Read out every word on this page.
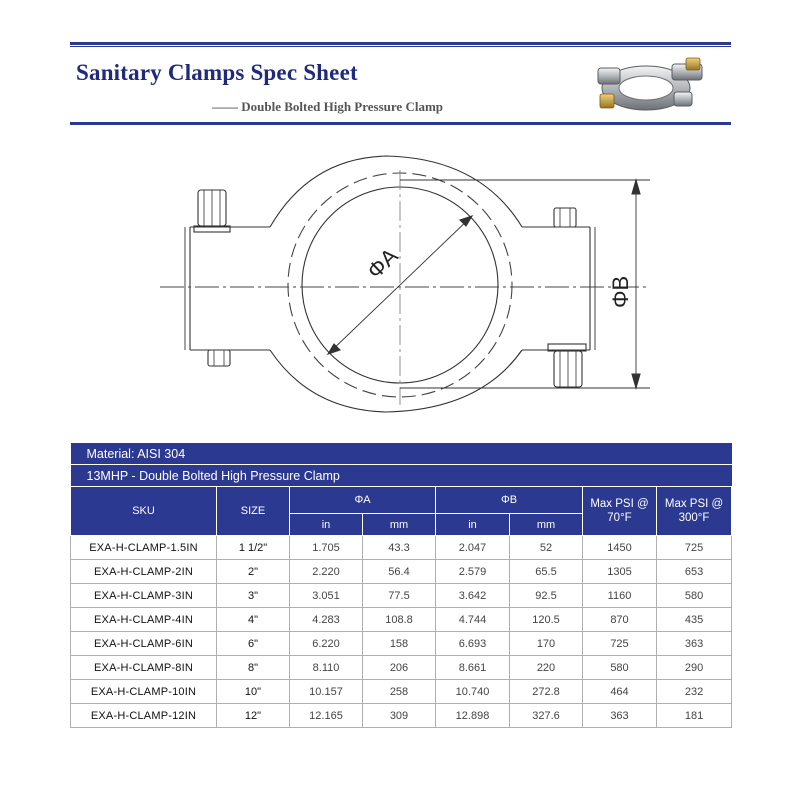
Sanitary Clamps Spec Sheet
—— Double Bolted High Pressure Clamp
ΦA
ΦB
Material: AISI 304							
13MHP - Double Bolted High Pressure Clamp							
SKU	SIZE	ΦA		ΦB		Max PSI @ 70°F	Max PSI @ 300°F
		in	mm	in	mm		
EXA-H-CLAMP-1.5IN	1 1/2"	1.705	43.3	2.047	52	1450	725
EXA-H-CLAMP-2IN	2"	2.220	56.4	2.579	65.5	1305	653
EXA-H-CLAMP-3IN	3"	3.051	77.5	3.642	92.5	1160	580
EXA-H-CLAMP-4IN	4"	4.283	108.8	4.744	120.5	870	435
EXA-H-CLAMP-6IN	6"	6.220	158	6.693	170	725	363
EXA-H-CLAMP-8IN	8"	8.110	206	8.661	220	580	290
EXA-H-CLAMP-10IN	10"	10.157	258	10.740	272.8	464	232
EXA-H-CLAMP-12IN	12"	12.165	309	12.898	327.6	363	181
